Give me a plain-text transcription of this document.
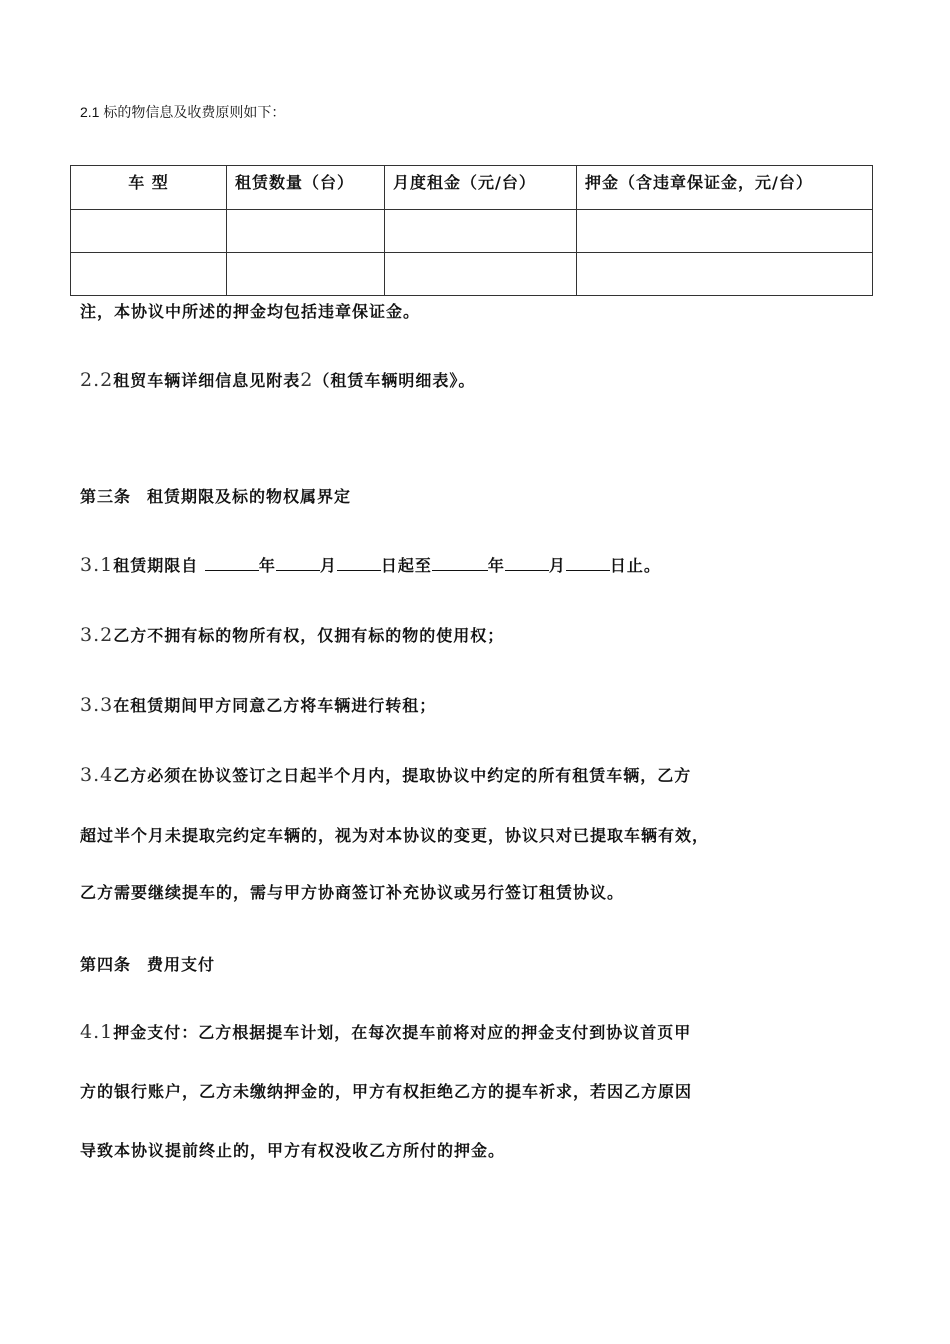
2.1 标的物信息及收费原则如下：
车 型	租赁数量（台）	月度租金（元/台）	押金（含违章保证金，元/台）

注，本协议中所述的押金均包括违章保证金。
2.2租贸车辆详细信息见附表2（租赁车辆明细表》。
第三条 租赁期限及标的物权属界定
3.1租赁期限自	年	月	日起至	年	月	日止。
3.2乙方不拥有标的物所有权，仅拥有标的物的使用权；
3.3在租赁期间甲方同意乙方将车辆进行转租；
3.4乙方必须在协议签订之日起半个月内，提取协议中约定的所有租赁车辆，乙方
超过半个月未提取完约定车辆的，视为对本协议的变更，协议只对已提取车辆有效，
乙方需要继续提车的，需与甲方协商签订补充协议或另行签订租赁协议。
第四条 费用支付
4.1押金支付：乙方根据提车计划，在每次提车前将对应的押金支付到协议首页甲
方的银行账户，乙方未缴纳押金的，甲方有权拒绝乙方的提车祈求，若因乙方原因
导致本协议提前终止的，甲方有权没收乙方所付的押金。
